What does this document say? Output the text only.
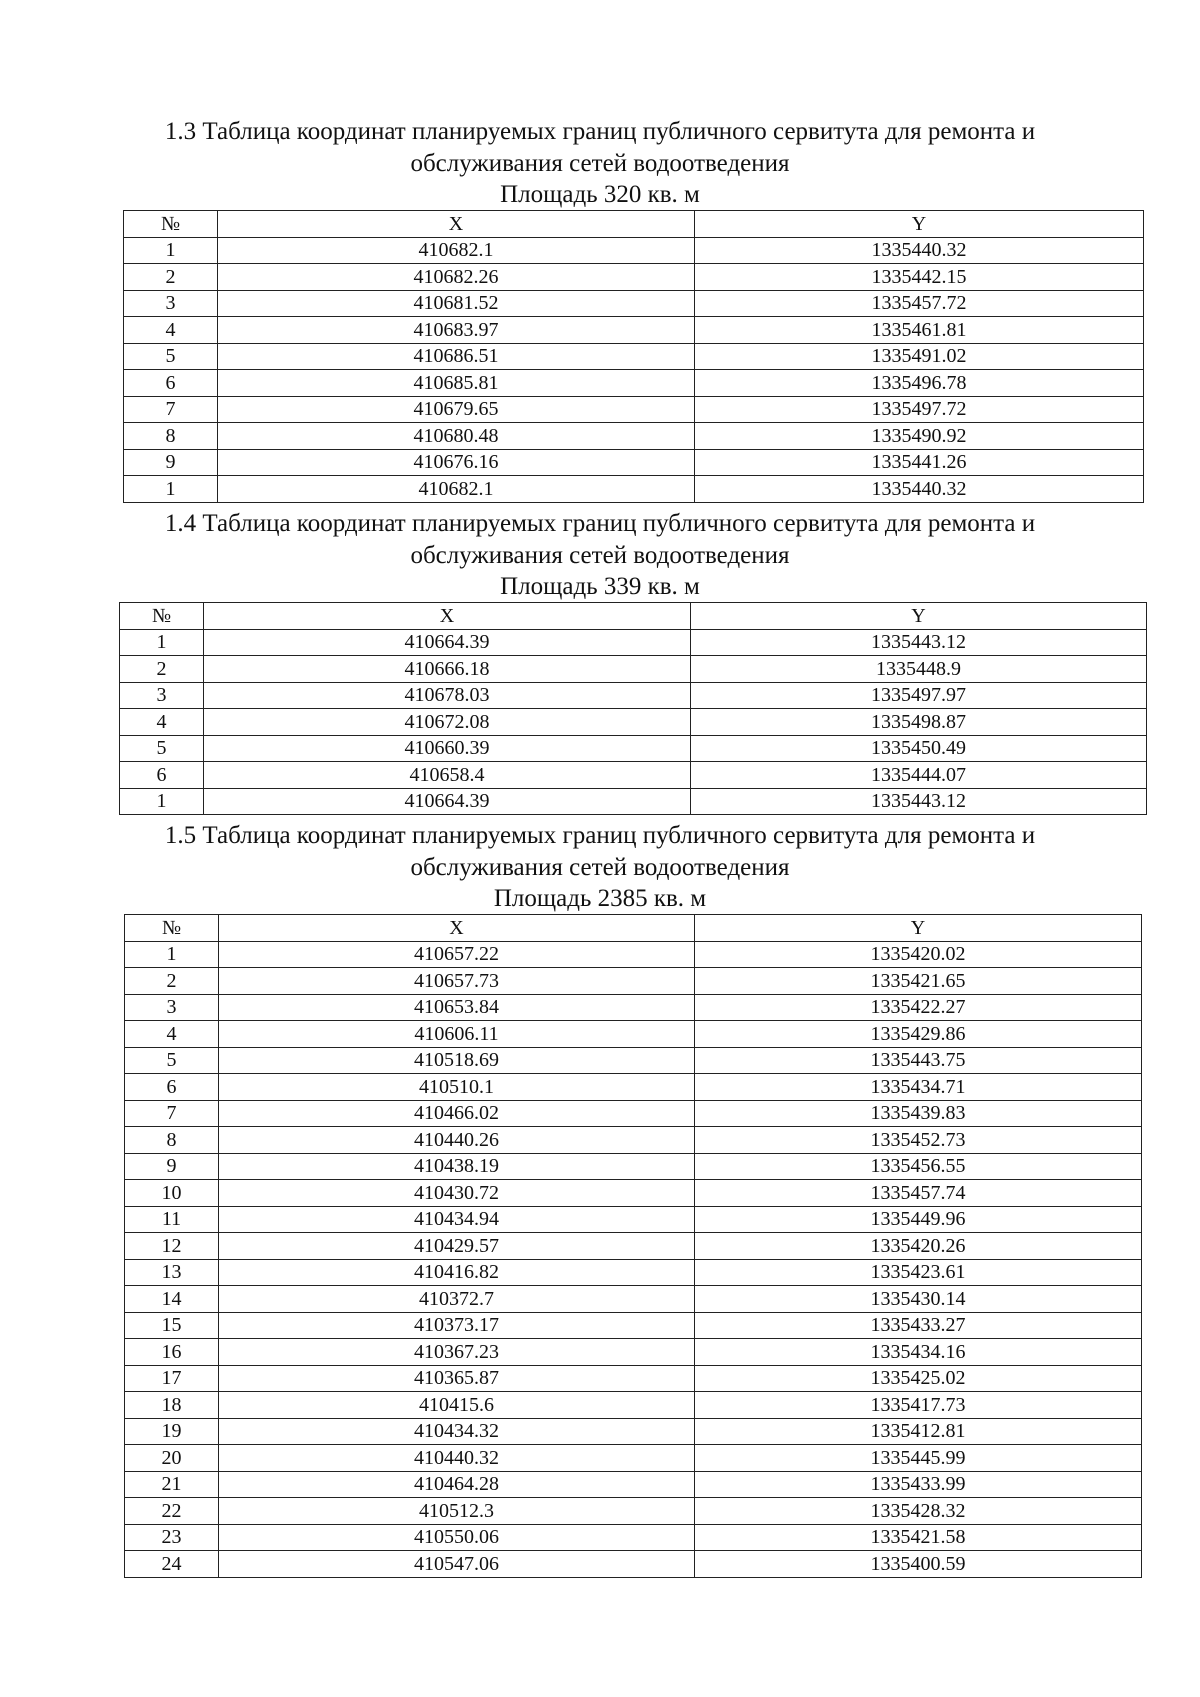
1.3 Таблица координат планируемых границ публичного сервитута для ремонта и
обслуживания сетей водоотведения
Площадь 320 кв. м
№	X	Y
1	410682.1	1335440.32
2	410682.26	1335442.15
3	410681.52	1335457.72
4	410683.97	1335461.81
5	410686.51	1335491.02
6	410685.81	1335496.78
7	410679.65	1335497.72
8	410680.48	1335490.92
9	410676.16	1335441.26
1	410682.1	1335440.32
1.4 Таблица координат планируемых границ публичного сервитута для ремонта и
обслуживания сетей водоотведения
Площадь 339 кв. м
№	X	Y
1	410664.39	1335443.12
2	410666.18	1335448.9
3	410678.03	1335497.97
4	410672.08	1335498.87
5	410660.39	1335450.49
6	410658.4	1335444.07
1	410664.39	1335443.12
1.5 Таблица координат планируемых границ публичного сервитута для ремонта и
обслуживания сетей водоотведения
Площадь 2385 кв. м
№	X	Y
1	410657.22	1335420.02
2	410657.73	1335421.65
3	410653.84	1335422.27
4	410606.11	1335429.86
5	410518.69	1335443.75
6	410510.1	1335434.71
7	410466.02	1335439.83
8	410440.26	1335452.73
9	410438.19	1335456.55
10	410430.72	1335457.74
11	410434.94	1335449.96
12	410429.57	1335420.26
13	410416.82	1335423.61
14	410372.7	1335430.14
15	410373.17	1335433.27
16	410367.23	1335434.16
17	410365.87	1335425.02
18	410415.6	1335417.73
19	410434.32	1335412.81
20	410440.32	1335445.99
21	410464.28	1335433.99
22	410512.3	1335428.32
23	410550.06	1335421.58
24	410547.06	1335400.59
